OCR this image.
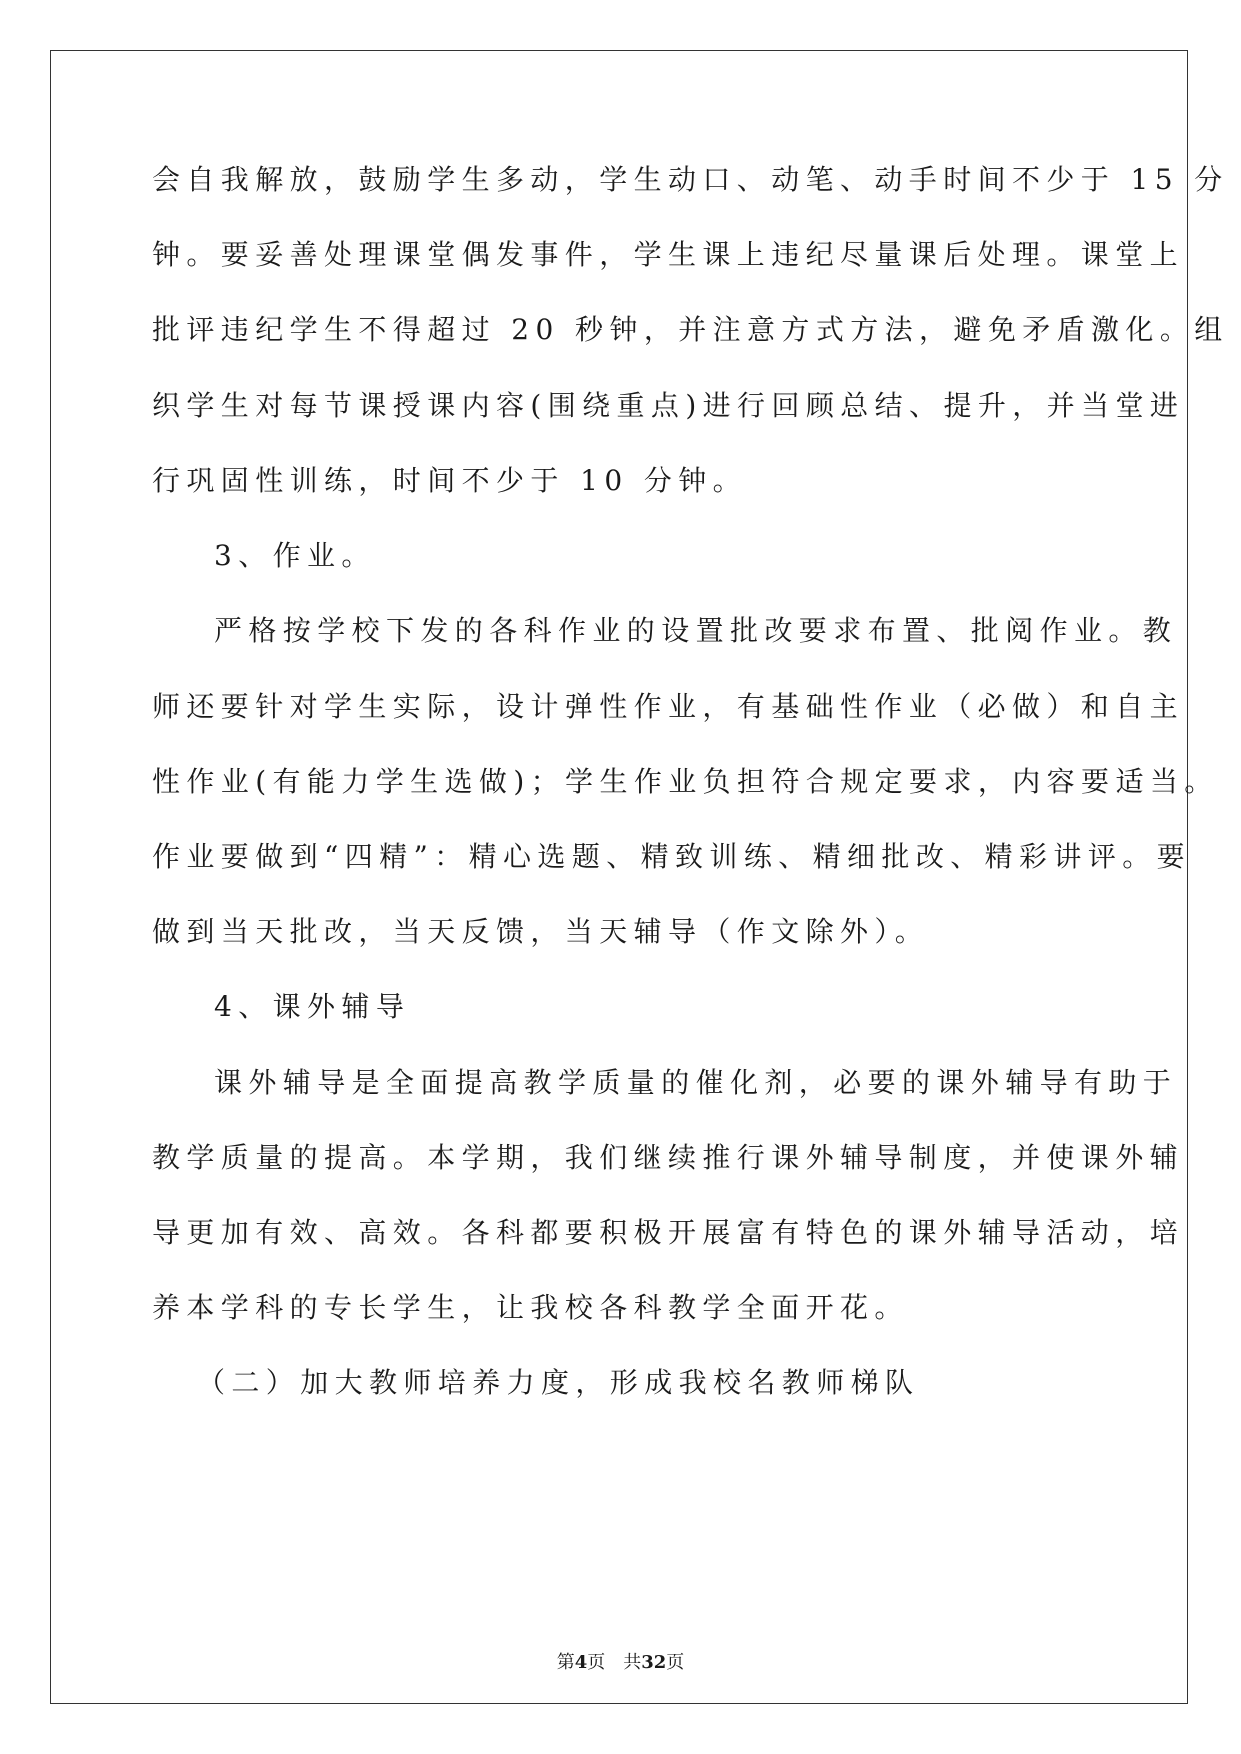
会自我解放，鼓励学生多动，学生动口、动笔、动手时间不少于 15 分
钟。要妥善处理课堂偶发事件，学生课上违纪尽量课后处理。课堂上
批评违纪学生不得超过 20 秒钟，并注意方式方法，避免矛盾激化。组
织学生对每节课授课内容(围绕重点)进行回顾总结、提升，并当堂进
行巩固性训练，时间不少于 10 分钟。
3、作业。
严格按学校下发的各科作业的设置批改要求布置、批阅作业。教
师还要针对学生实际，设计弹性作业，有基础性作业（必做）和自主
性作业(有能力学生选做)；学生作业负担符合规定要求，内容要适当。
作业要做到“四精”：精心选题、精致训练、精细批改、精彩讲评。要
做到当天批改，当天反馈，当天辅导（作文除外）。
4、课外辅导
课外辅导是全面提高教学质量的催化剂，必要的课外辅导有助于
教学质量的提高。本学期，我们继续推行课外辅导制度，并使课外辅
导更加有效、高效。各科都要积极开展富有特色的课外辅导活动，培
养本学科的专长学生，让我校各科教学全面开花。
（二）加大教师培养力度，形成我校名教师梯队
第4页 共32页
